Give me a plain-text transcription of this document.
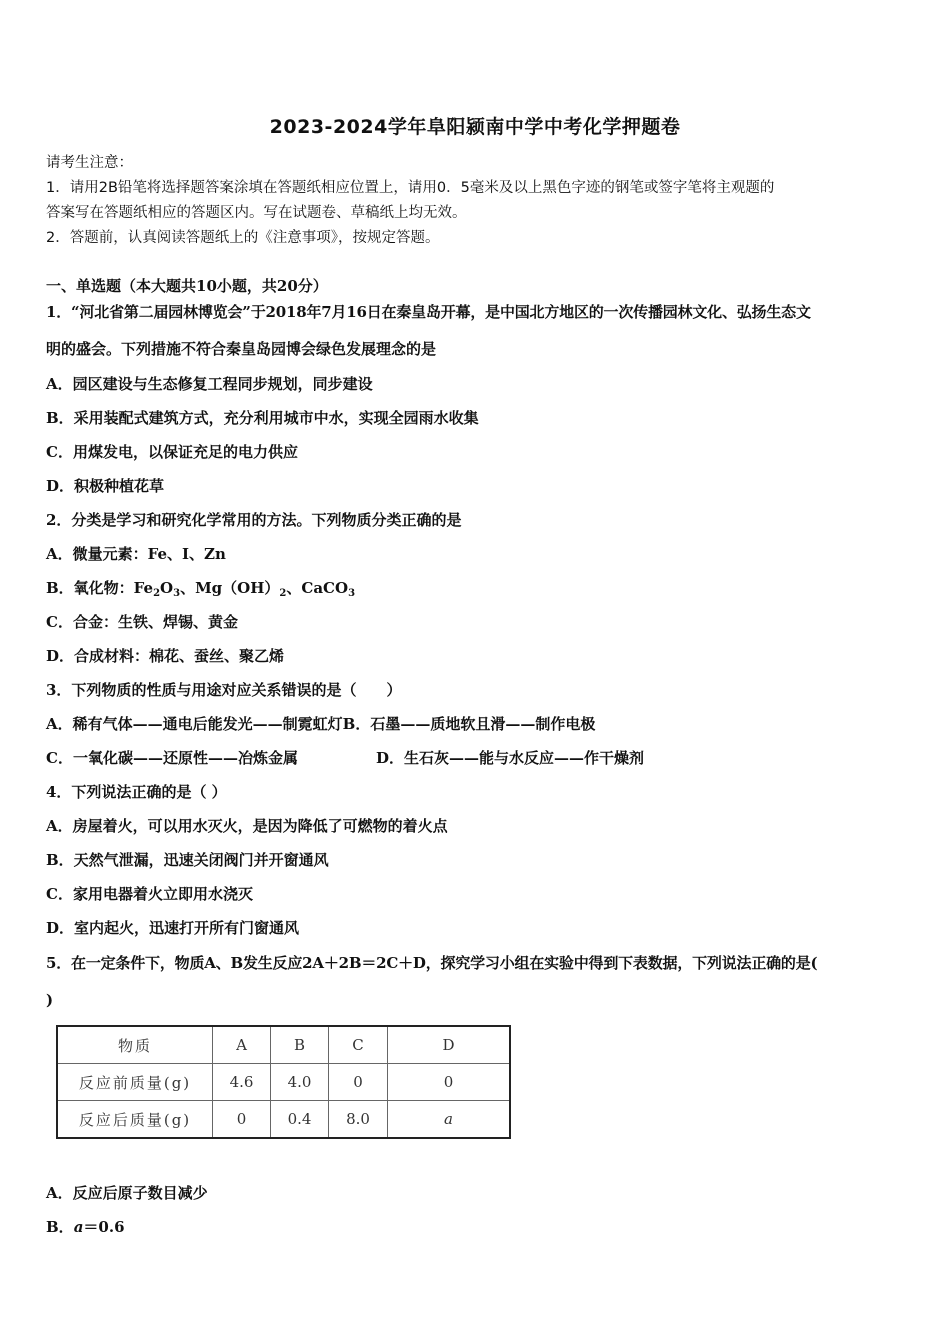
2023-2024学年阜阳颍南中学中考化学押题卷
请考生注意：
1．请用2B铅笔将选择题答案涂填在答题纸相应位置上，请用0．5毫米及以上黑色字迹的钢笔或签字笔将主观题的
答案写在答题纸相应的答题区内。写在试题卷、草稿纸上均无效。
2．答题前，认真阅读答题纸上的《注意事项》，按规定答题。
一、单选题（本大题共10小题，共20分）
1．“河北省第二届园林博览会”于2018年7月16日在秦皇岛开幕，是中国北方地区的一次传播园林文化、弘扬生态文
明的盛会。下列措施不符合秦皇岛园博会绿色发展理念的是
A．园区建设与生态修复工程同步规划，同步建设
B．采用装配式建筑方式，充分利用城市中水，实现全园雨水收集
C．用煤发电，以保证充足的电力供应
D．积极种植花草
2．分类是学习和研究化学常用的方法。下列物质分类正确的是
A．微量元素：Fe、I、Zn
B．氧化物：$Fe_2O_3$、$Mg(OH)_2$、CaCO$_3$
C．合金：生铁、焊锡、黄金
D．合成材料：棉花、蚕丝、聚乙烯
3．下列物质的性质与用途对应关系错误的是（　　）
A．稀有气体——通电后能发光——制霓虹灯B．石墨——质地软且滑——制作电极
C．一氧化碳——还原性——冶炼金属	D．生石灰——能与水反应——作干燥剂
4．下列说法正确的是（ ）
A．房屋着火，可以用水灭火，是因为降低了可燃物的着火点
B．天然气泄漏，迅速关闭阀门并开窗通风
C．家用电器着火立即用水浇灭
D．室内起火，迅速打开所有门窗通风
5．在一定条件下，物质A、B发生反应2A＋2B＝2C＋D，探究学习小组在实验中得到下表数据，下列说法正确的是(
)
物质	A	B	C	D
反应前质量(g)	4.6	4.0	0	0
反应后质量(g)	0	0.4	8.0	a
A．反应后原子数目减少
B．a＝0.6
